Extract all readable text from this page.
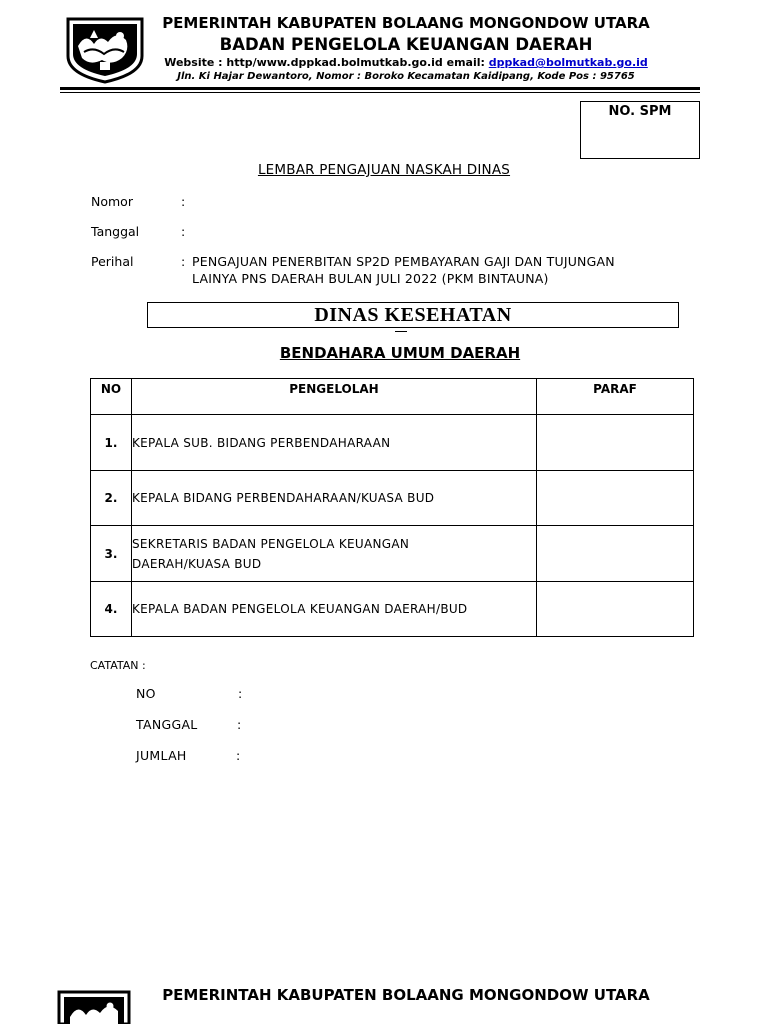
PEMERINTAH KABUPATEN BOLAANG MONGONDOW UTARA
BADAN PENGELOLA KEUANGAN DAERAH
Website : http/www.dppkad.bolmutkab.go.id email: dppkad@bolmutkab.go.id
Jln. Ki Hajar Dewantoro, Nomor : Boroko Kecamatan Kaidipang, Kode Pos : 95765
NO. SPM
LEMBAR PENGAJUAN NASKAH DINAS
Nomor	:
Tanggal	:
Perihal	: PENGAJUAN PENERBITAN SP2D PEMBAYARAN GAJI DAN TUJUNGAN
LAINYA PNS DAERAH BULAN JULI 2022 (PKM BINTAUNA)
DINAS KESEHATAN
BENDAHARA UMUM DAERAH
NO	PENGELOLAH	PARAF
1.	KEPALA SUB. BIDANG PERBENDAHARAAN	
2.	KEPALA BIDANG PERBENDAHARAAN/KUASA BUD	
3.	SEKRETARIS BADAN PENGELOLA KEUANGAN
DAERAH/KUASA BUD	

4.	KEPALA BADAN PENGELOLA KEUANGAN DAERAH/BUD	
CATATAN :
NO	:
TANGGAL	:
JUMLAH	:
PEMERINTAH KABUPATEN BOLAANG MONGONDOW UTARA
